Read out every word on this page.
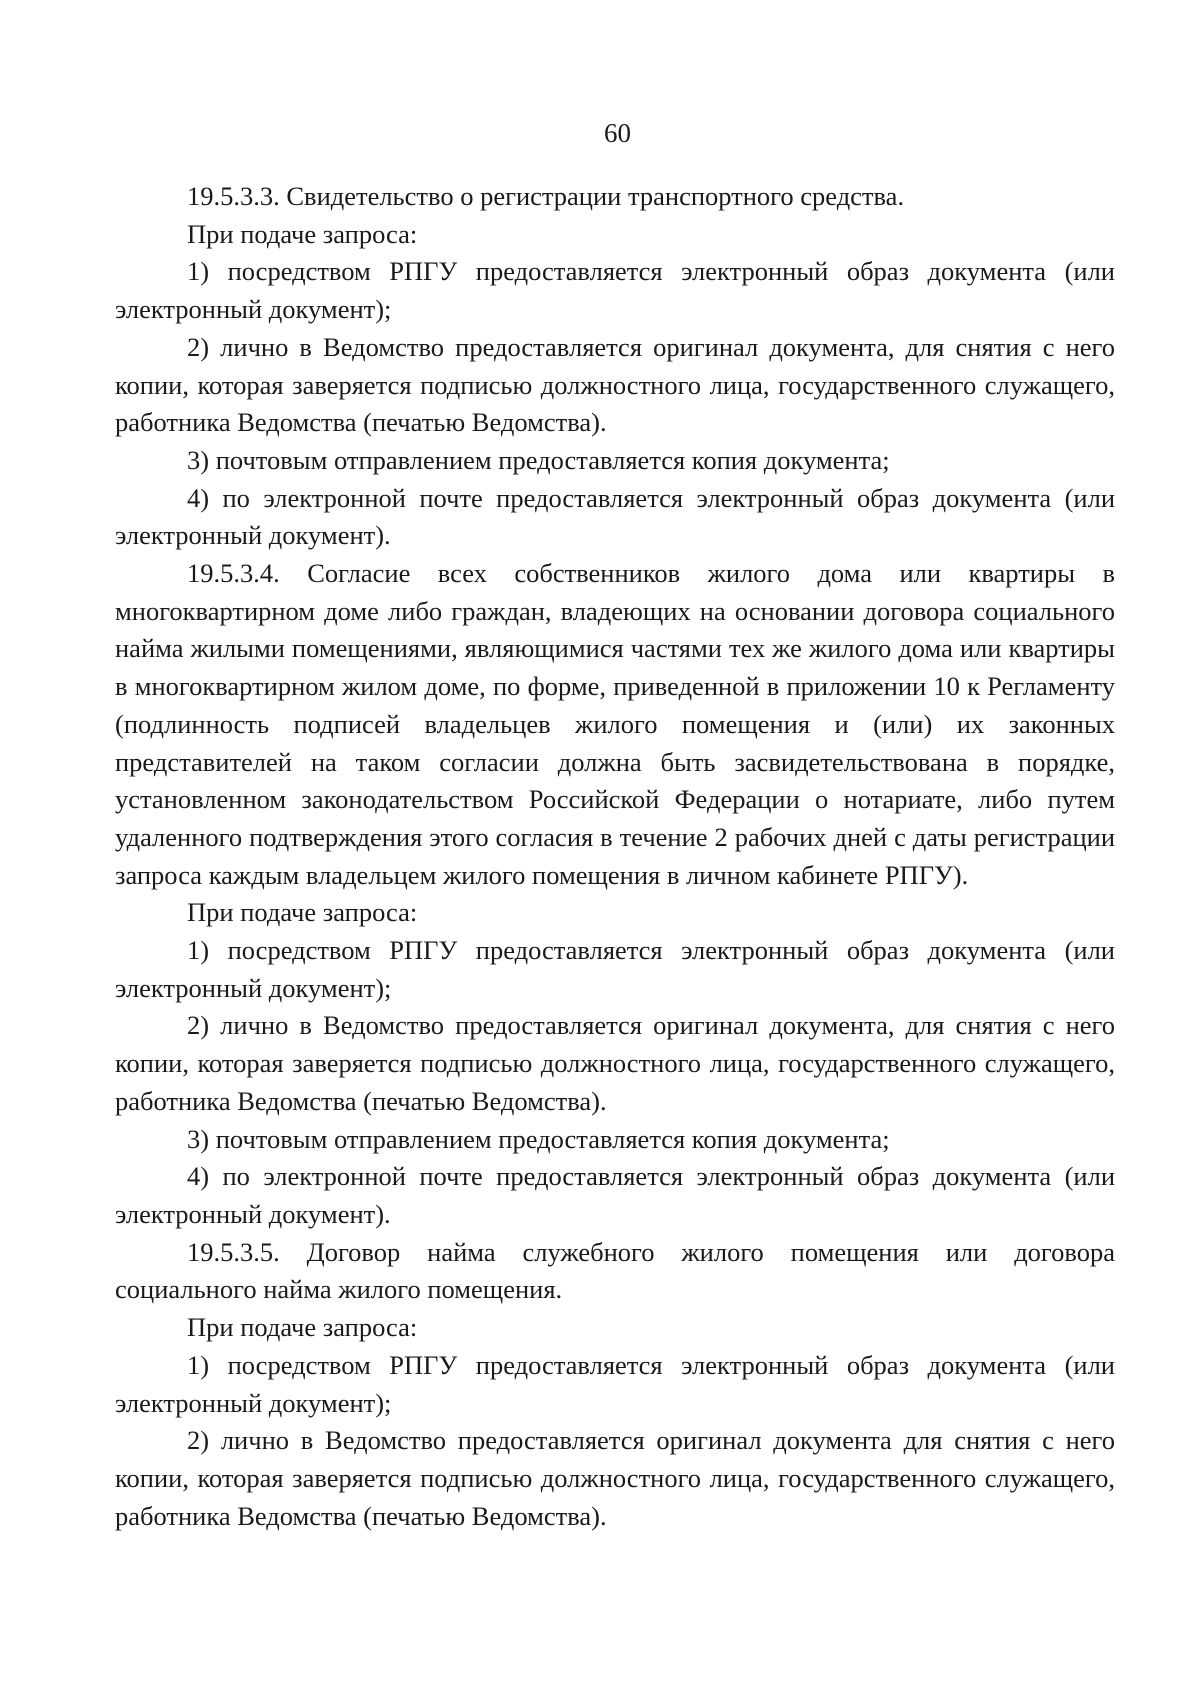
60

19.5.3.3. Свидетельство о регистрации транспортного средства.

При подаче запроса:

1) посредством РПГУ предоставляется электронный образ документа (или электронный документ);

2) лично в Ведомство предоставляется оригинал документа, для снятия с него копии, которая заверяется подписью должностного лица, государственного служащего, работника Ведомства (печатью Ведомства).

3) почтовым отправлением предоставляется копия документа;

4) по электронной почте предоставляется электронный образ документа (или электронный документ).

19.5.3.4. Согласие всех собственников жилого дома или квартиры в многоквартирном доме либо граждан, владеющих на основании договора социального найма жилыми помещениями, являющимися частями тех же жилого дома или квартиры в многоквартирном жилом доме, по форме, приведенной в приложении 10 к Регламенту (подлинность подписей владельцев жилого помещения и (или) их законных представителей на таком согласии должна быть засвидетельствована в порядке, установленном законодательством Российской Федерации о нотариате, либо путем удаленного подтверждения этого согласия в течение 2 рабочих дней с даты регистрации запроса каждым владельцем жилого помещения в личном кабинете РПГУ).

При подаче запроса:

1) посредством РПГУ предоставляется электронный образ документа (или электронный документ);

2) лично в Ведомство предоставляется оригинал документа, для снятия с него копии, которая заверяется подписью должностного лица, государственного служащего, работника Ведомства (печатью Ведомства).

3) почтовым отправлением предоставляется копия документа;

4) по электронной почте предоставляется электронный образ документа (или электронный документ).

19.5.3.5. Договор найма служебного жилого помещения или договора социального найма жилого помещения.

При подаче запроса:

1) посредством РПГУ предоставляется электронный образ документа (или электронный документ);

2) лично в Ведомство предоставляется оригинал документа для снятия с него копии, которая заверяется подписью должностного лица, государственного служащего, работника Ведомства (печатью Ведомства).
